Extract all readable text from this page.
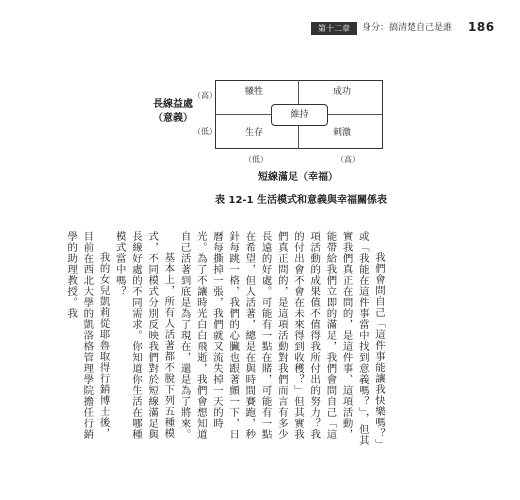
第十二章	身分：搞清楚自己是誰 186
犧牲	成功
生存	刺激
維持
長線益處
（意義）
（高）
（低）
（低）	（高）
短線滿足（幸福）
表 12-1 生活模式和意義與幸福關係表

我們會問自己「這件事能讓我快樂嗎？」或「我能在這件事當中找到意義嗎？」，但其實我們真正在問的，是這件事、這項活動，能帶給我們立即的滿足，我們會問自己「這項活動的成果值不值得我所付出的努力？我的付出會不會在未來得到收穫？」但其實我們真正問的，是這項活動對我們而言有多少長遠的好處。可能有一點在賭，可能有一點在希望，但人活著，總是在與時間賽跑，秒針每跳一格，我們的心臟也跟著顫一下，日曆每撕掉一張，我們就又流失掉一天的時光。為了不讓時光白白飛逝，我們會想知道自己活著到底是為了現在，還是為了將來。

基本上，所有人活著都不脫下列五種模式，不同模式分別反映我們對於短線滿足與長線好處的不同需求。你知道你生活在哪種模式當中嗎？

我的女兒凱莉從耶魯取得行銷博士後，目前在西北大學的凱洛格管理學院擔任行銷學的助理教授。我
